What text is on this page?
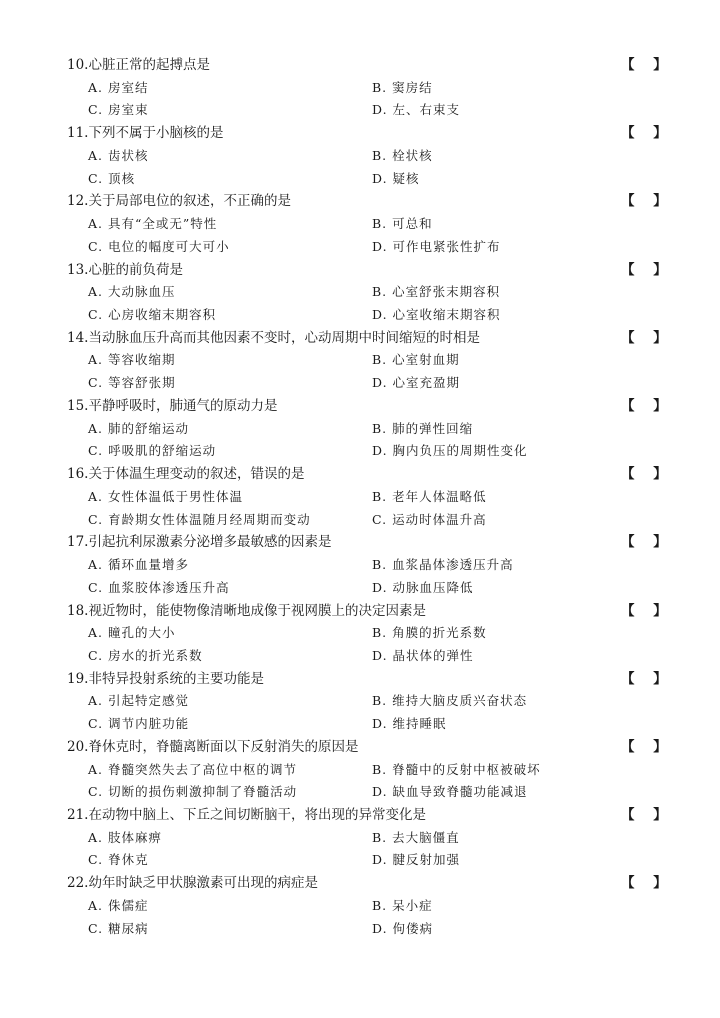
10.心脏正常的起搏点是	【    】
A. 房室结	B. 窦房结
C. 房室束	D. 左、右束支
11.下列不属于小脑核的是	【    】
A. 齿状核	B. 栓状核
C. 顶核	D. 疑核
12.关于局部电位的叙述，不正确的是	【    】
A. 具有“全或无”特性	B. 可总和
C. 电位的幅度可大可小	D. 可作电紧张性扩布
13.心脏的前负荷是	【    】
A. 大动脉血压	B. 心室舒张末期容积
C. 心房收缩末期容积	D. 心室收缩末期容积
14.当动脉血压升高而其他因素不变时，心动周期中时间缩短的时相是	【    】
A. 等容收缩期	B. 心室射血期
C. 等容舒张期	D. 心室充盈期
15.平静呼吸时，肺通气的原动力是	【    】
A. 肺的舒缩运动	B. 肺的弹性回缩
C. 呼吸肌的舒缩运动	D. 胸内负压的周期性变化
16.关于体温生理变动的叙述，错误的是	【    】
A. 女性体温低于男性体温	B. 老年人体温略低
C. 育龄期女性体温随月经周期而变动	C. 运动时体温升高
17.引起抗利尿激素分泌增多最敏感的因素是	【    】
A. 循环血量增多	B. 血浆晶体渗透压升高
C. 血浆胶体渗透压升高	D. 动脉血压降低
18.视近物时，能使物像清晰地成像于视网膜上的决定因素是	【    】
A. 瞳孔的大小	B. 角膜的折光系数
C. 房水的折光系数	D. 晶状体的弹性
19.非特异投射系统的主要功能是	【    】
A. 引起特定感觉	B. 维持大脑皮质兴奋状态
C. 调节内脏功能	D. 维持睡眠
20.脊休克时，脊髓离断面以下反射消失的原因是	【    】
A. 脊髓突然失去了高位中枢的调节	B. 脊髓中的反射中枢被破坏
C. 切断的损伤刺激抑制了脊髓活动	D. 缺血导致脊髓功能减退
21.在动物中脑上、下丘之间切断脑干，将出现的异常变化是	【    】
A. 肢体麻痹	B. 去大脑僵直
C. 脊休克	D. 腱反射加强
22.幼年时缺乏甲状腺激素可出现的病症是	【    】
A. 侏儒症	B. 呆小症
C. 糖尿病	D. 佝偻病
